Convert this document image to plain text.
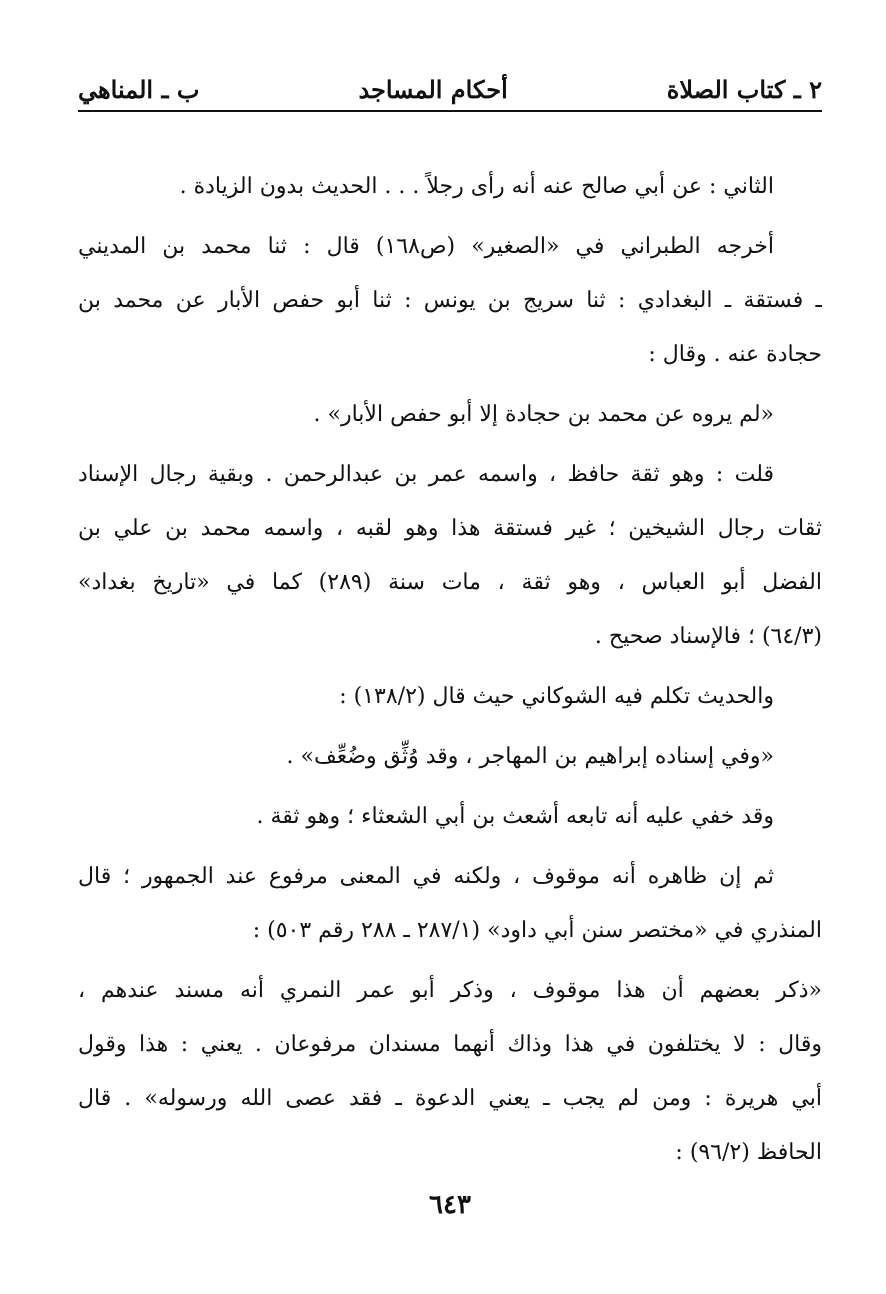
٢ ـ كتاب الصلاة
أحكام المساجد
ب ـ المناهي
الثاني : عن أبي صالح عنه أنه رأى رجلاً . . . الحديث بدون الزيادة .
أخرجه الطبراني في «الصغير» (ص١٦٨) قال : ثنا محمد بن المديني
ـ فستقة ـ البغدادي : ثنا سريج بن يونس : ثنا أبو حفص الأبار عن محمد بن
حجادة عنه . وقال :
«لم يروه عن محمد بن حجادة إلا أبو حفص الأبار» .
قلت : وهو ثقة حافظ ، واسمه عمر بن عبدالرحمن . وبقية رجال الإسناد
ثقات رجال الشيخين ؛ غير فستقة هذا وهو لقبه ، واسمه محمد بن علي بن
الفضل أبو العباس ، وهو ثقة ، مات سنة (٢٨٩) كما في «تاريخ بغداد»
(٦٤/٣) ؛ فالإسناد صحيح .
والحديث تكلم فيه الشوكاني حيث قال (١٣٨/٢) :
«وفي إسناده إبراهيم بن المهاجر ، وقد وُثِّق وضُعِّف» .
وقد خفي عليه أنه تابعه أشعث بن أبي الشعثاء ؛ وهو ثقة .
ثم إن ظاهره أنه موقوف ، ولكنه في المعنى مرفوع عند الجمهور ؛ قال
المنذري في «مختصر سنن أبي داود» (٢٨٧/١ ـ ٢٨٨ رقم ٥٠٣) :
«ذكر بعضهم أن هذا موقوف ، وذكر أبو عمر النمري أنه مسند عندهم ،
وقال : لا يختلفون في هذا وذاك أنهما مسندان مرفوعان . يعني : هذا وقول
أبي هريرة : ومن لم يجب ـ يعني الدعوة ـ فقد عصى الله ورسوله» . قال
الحافظ (٩٦/٢) :
٦٤٣
